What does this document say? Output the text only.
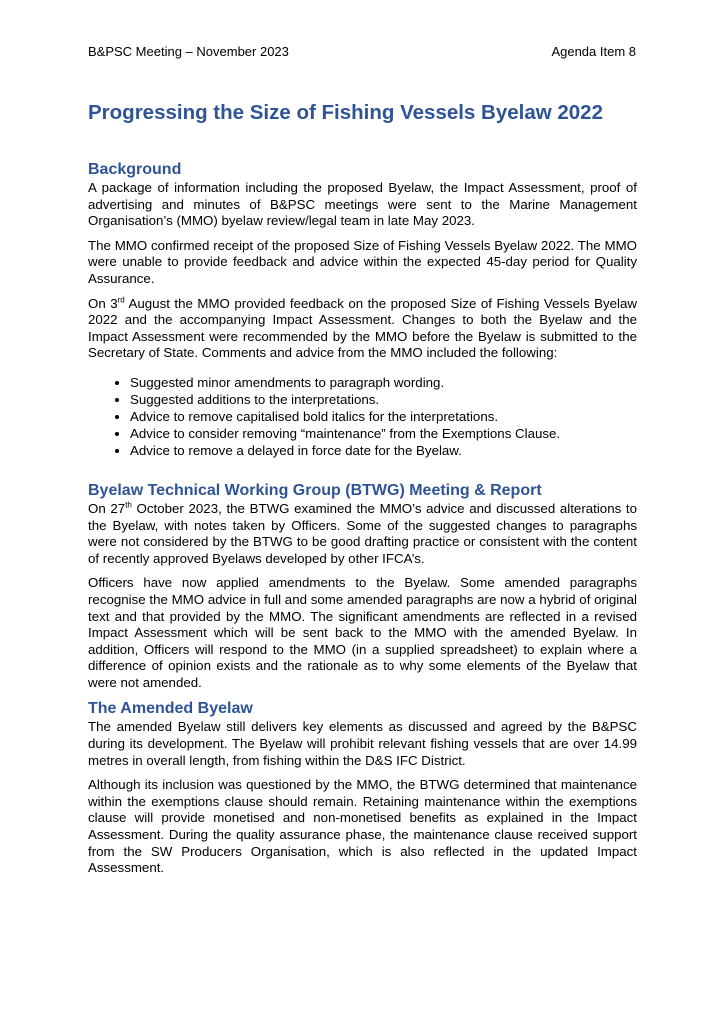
B&PSC Meeting – November 2023	Agenda Item 8
Progressing the Size of Fishing Vessels Byelaw 2022
Background

A package of information including the proposed Byelaw, the Impact Assessment, proof of advertising and minutes of B&PSC meetings were sent to the Marine Management Organisation’s (MMO) byelaw review/legal team in late May 2023.

The MMO confirmed receipt of the proposed Size of Fishing Vessels Byelaw 2022. The MMO were unable to provide feedback and advice within the expected 45-day period for Quality Assurance.

On 3rd August the MMO provided feedback on the proposed Size of Fishing Vessels Byelaw 2022 and the accompanying Impact Assessment. Changes to both the Byelaw and the Impact Assessment were recommended by the MMO before the Byelaw is submitted to the Secretary of State. Comments and advice from the MMO included the following:

• Suggested minor amendments to paragraph wording.
• Suggested additions to the interpretations.
• Advice to remove capitalised bold italics for the interpretations.
• Advice to consider removing “maintenance” from the Exemptions Clause.
• Advice to remove a delayed in force date for the Byelaw.
Byelaw Technical Working Group (BTWG) Meeting & Report

On 27th October 2023, the BTWG examined the MMO’s advice and discussed alterations to the Byelaw, with notes taken by Officers. Some of the suggested changes to paragraphs were not considered by the BTWG to be good drafting practice or consistent with the content of recently approved Byelaws developed by other IFCA’s.

Officers have now applied amendments to the Byelaw. Some amended paragraphs recognise the MMO advice in full and some amended paragraphs are now a hybrid of original text and that provided by the MMO. The significant amendments are reflected in a revised Impact Assessment which will be sent back to the MMO with the amended Byelaw. In addition, Officers will respond to the MMO (in a supplied spreadsheet) to explain where a difference of opinion exists and the rationale as to why some elements of the Byelaw that were not amended.

The Amended Byelaw

The amended Byelaw still delivers key elements as discussed and agreed by the B&PSC during its development. The Byelaw will prohibit relevant fishing vessels that are over 14.99 metres in overall length, from fishing within the D&S IFC District.

Although its inclusion was questioned by the MMO, the BTWG determined that maintenance within the exemptions clause should remain. Retaining maintenance within the exemptions clause will provide monetised and non-monetised benefits as explained in the Impact Assessment. During the quality assurance phase, the maintenance clause received support from the SW Producers Organisation, which is also reflected in the updated Impact Assessment.
